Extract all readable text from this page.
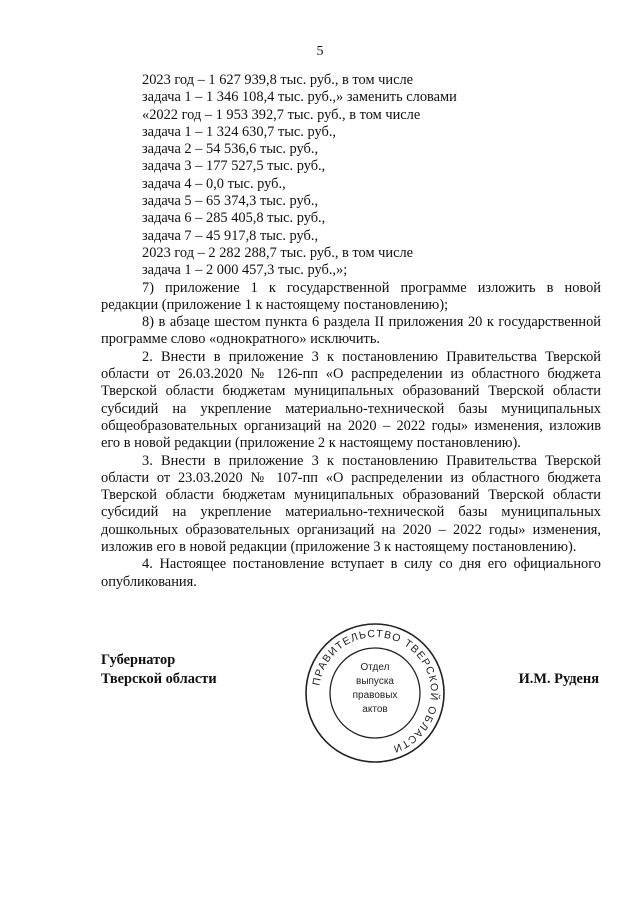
5
2023 год – 1 627 939,8 тыс. руб., в том числе
задача 1 – 1 346 108,4 тыс. руб.,» заменить словами
«2022 год – 1 953 392,7 тыс. руб., в том числе
задача 1 – 1 324 630,7 тыс. руб.,
задача 2 – 54 536,6 тыс. руб.,
задача 3 – 177 527,5 тыс. руб.,
задача 4 – 0,0 тыс. руб.,
задача 5 – 65 374,3 тыс. руб.,
задача 6 – 285 405,8 тыс. руб.,
задача 7 – 45 917,8 тыс. руб.,
2023 год – 2 282 288,7 тыс. руб., в том числе
задача 1 – 2 000 457,3 тыс. руб.,»;

7) приложение 1 к государственной программе изложить в новой редакции (приложение 1 к настоящему постановлению);

8) в абзаце шестом пункта 6 раздела II приложения 20 к государственной программе слово «однократного» исключить.

2. Внести в приложение 3 к постановлению Правительства Тверской области от 26.03.2020 № 126-пп «О распределении из областного бюджета Тверской области бюджетам муниципальных образований Тверской области субсидий на укрепление материально-технической базы муниципальных общеобразовательных организаций на 2020 – 2022 годы» изменения, изложив его в новой редакции (приложение 2 к настоящему постановлению).

3. Внести в приложение 3 к постановлению Правительства Тверской области от 23.03.2020 № 107-пп «О распределении из областного бюджета Тверской области бюджетам муниципальных образований Тверской области субсидий на укрепление материально-технической базы муниципальных дошкольных образовательных организаций на 2020 – 2022 годы» изменения, изложив его в новой редакции (приложение 3 к настоящему постановлению).

4. Настоящее постановление вступает в силу со дня его официального опубликования.

Губернатор
Тверской области	ПРАВИТЕЛЬСТВО ТВЕРСКОЙ ОБЛАСТИ
Отдел
выпуска
правовых
актов
И.М. Руденя
